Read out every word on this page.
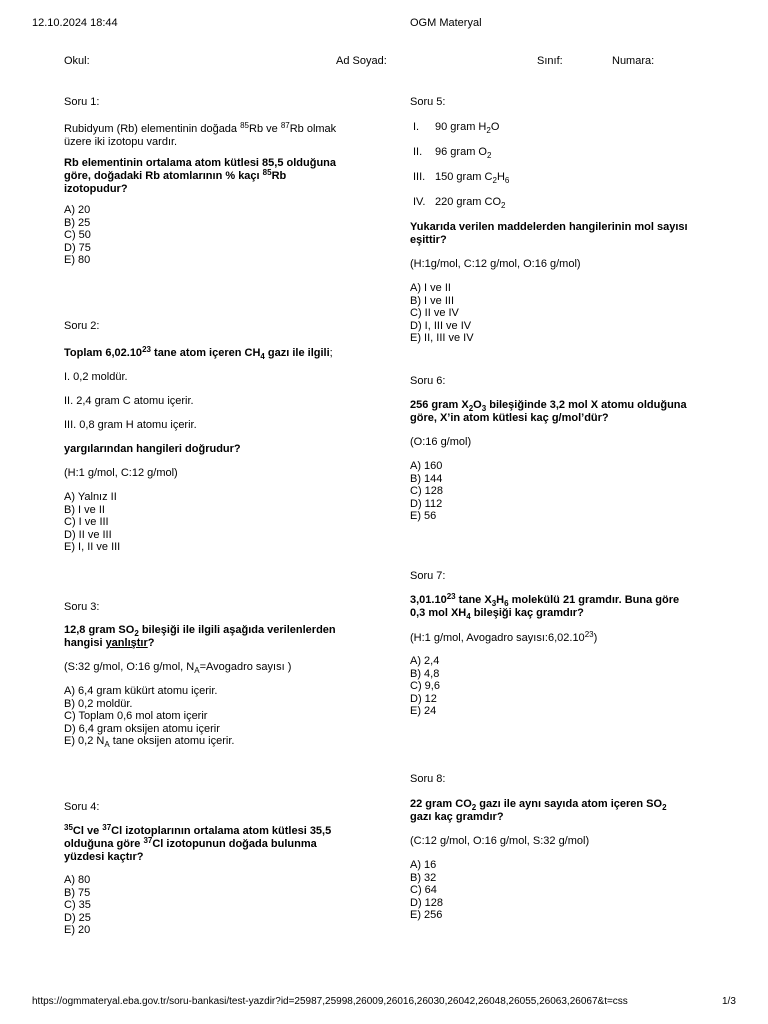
12.10.2024 18:44	OGM Materyal
Okul:	Ad Soyad:	Sınıf:	Numara:
Soru 1:
Rubidyum (Rb) elementinin doğada $^{85}$Rb ve $^{87}$Rb olmak
üzere iki izotopu vardır.
Rb elementinin ortalama atom kütlesi 85,5 olduğuna
göre, doğadaki Rb atomlarının % kaçı $^{85}$Rb
izotopudur?
A) 20
B) 25
C) 50
D) 75
E) 80
Soru 2:
Toplam 6,02.10$^{23}$ tane atom içeren $CH_4$ gazı ile ilgili;
I. 0,2 moldür.
II. 2,4 gram C atomu içerir.
III. 0,8 gram H atomu içerir.
yargılarından hangileri doğrudur?
(H:1 g/mol, C:12 g/mol)
A) Yalnız II
B) I ve II
C) I ve III
D) II ve III
E) I, II ve III
Soru 3:
12,8 gram $SO_2$ bileşiği ile ilgili aşağıda verilenlerden
hangisi yanlıştır?
(S:32 g/mol, O:16 g/mol, $N_A=Avogadro$ sayısı )
A) 6,4 gram kükürt atomu içerir.
B) 0,2 moldür.
C) Toplam 0,6 mol atom içerir
D) 6,4 gram oksijen atomu içerir
E) 0,2 $N_A$ tane oksijen atomu içerir.
Soru 4:
$^{35}$Cl ve $^{37}$Cl izotoplarının ortalama atom kütlesi 35,5
olduğuna göre $^{37}$Cl izotopunun doğada bulunma
yüzdesi kaçtır?
A) 80
B) 75
C) 35
D) 25
E) 20
Soru 5:
I. 90 gram $H_2O$
II. 96 gram $O_2$
III. 150 gram $C_2H_6$
IV. 220 gram $CO_2$
Yukarıda verilen maddelerden hangilerinin mol sayısı
eşittir?
(H:1g/mol, C:12 g/mol, O:16 g/mol)
A) I ve II
B) I ve III
C) II ve IV
D) I, III ve IV
E) II, III ve IV
Soru 6:
256 gram $X_2O_3$ bileşiğinde 3,2 mol X atomu olduğuna
göre, X’in atom kütlesi kaç g/mol’dür?
(O:16 g/mol)
A) 160
B) 144
C) 128
D) 112
E) 56
Soru 7:
3,01.10$^{23}$ tane $X_3H_6$ molekülü 21 gramdır. Buna göre
0,3 mol $XH_4$ bileşiği kaç gramdır?
(H:1 g/mol, Avogadro sayısı:6,02.10$^{23}$)
A) 2,4
B) 4,8
C) 9,6
D) 12
E) 24
Soru 8:
22 gram $CO_2$ gazı ile aynı sayıda atom içeren $SO_2$
gazı kaç gramdır?
(C:12 g/mol, O:16 g/mol, S:32 g/mol)
A) 16
B) 32
C) 64
D) 128
E) 256
https://ogmmateryal.eba.gov.tr/soru-bankasi/test-yazdir?id=25987,25998,26009,26016,26030,26042,26048,26055,26063,26067&t=css	1/3
